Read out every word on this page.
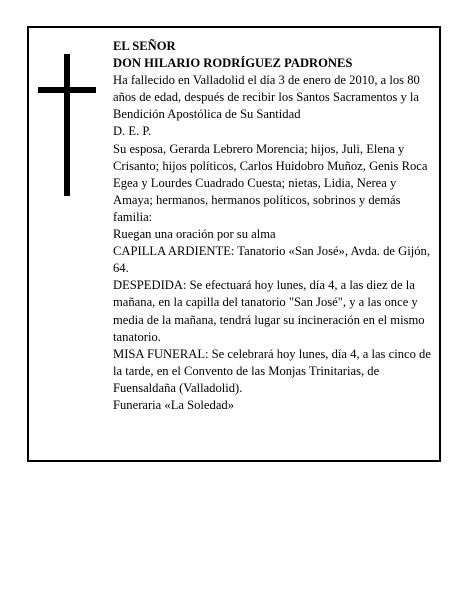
EL SEÑOR

DON HILARIO RODRÍGUEZ PADRONES

Ha fallecido en Valladolid el día 3 de enero de 2010, a los 80 años de edad, después de recibir los Santos Sacramentos y la Bendición Apostólica de Su Santidad

D. E. P.

Su esposa, Gerarda Lebrero Morencia; hijos, Juli, Elena y Crisanto; hijos políticos, Carlos Huidobro Muñoz, Genis Roca Egea y Lourdes Cuadrado Cuesta; nietas, Lidia, Nerea y Amaya; hermanos, hermanos políticos, sobrinos y demás familia:

Ruegan una oración por su alma

CAPILLA ARDIENTE: Tanatorio «San José», Avda. de Gijón, 64.

DESPEDIDA: Se efectuará hoy lunes, día 4, a las diez de la mañana, en la capilla del tanatorio "San José", y a las once y media de la mañana, tendrá lugar su incineración en el mismo tanatorio.

MISA FUNERAL: Se celebrará hoy lunes, día 4, a las cinco de la tarde, en el Convento de las Monjas Trinitarias, de Fuensaldaña (Valladolid).

Funeraria «La Soledad»
